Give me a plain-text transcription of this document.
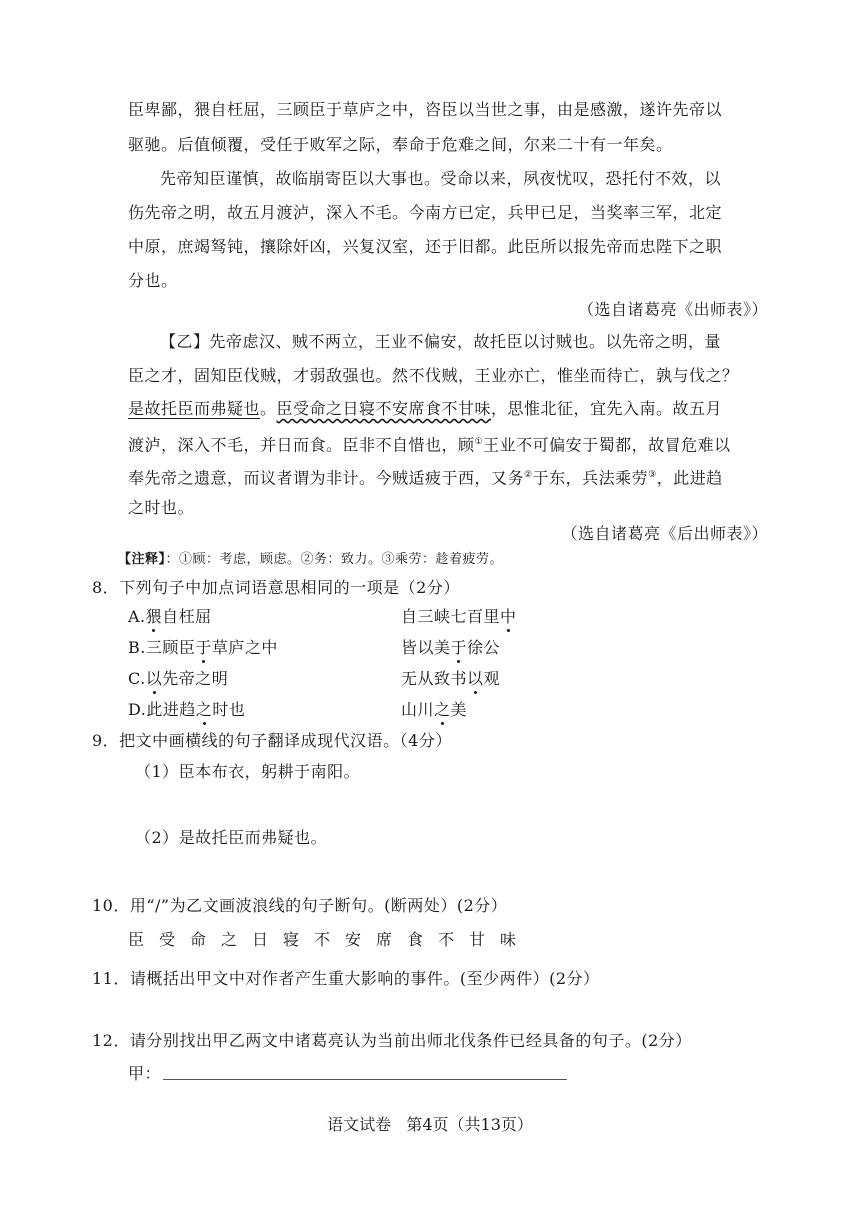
臣卑鄙，猥自枉屈，三顾臣于草庐之中，咨臣以当世之事，由是感激，遂许先帝以
驱驰。后值倾覆，受任于败军之际，奉命于危难之间，尔来二十有一年矣。
先帝知臣谨慎，故临崩寄臣以大事也。受命以来，夙夜忧叹，恐托付不效，以
伤先帝之明，故五月渡泸，深入不毛。今南方已定，兵甲已足，当奖率三军，北定
中原，庶竭驽钝，攘除奸凶，兴复汉室，还于旧都。此臣所以报先帝而忠陛下之职
分也。
（选自诸葛亮《出师表》）
【乙】先帝虑汉、贼不两立，王业不偏安，故托臣以讨贼也。以先帝之明，量
臣之才，固知臣伐贼，才弱敌强也。然不伐贼，王业亦亡，惟坐而待亡，孰与伐之？
是故托臣而弗疑也。臣受命之日寝不安席食不甘味，思惟北征，宜先入南。故五月
渡泸，深入不毛，并日而食。臣非不自惜也，顾①王业不可偏安于蜀都，故冒危难以
奉先帝之遗意，而议者谓为非计。今贼适疲于西，又务②于东，兵法乘劳③，此进趋
之时也。
（选自诸葛亮《后出师表》）
【注释】：①顾：考虑，顾虑。②务：致力。③乘劳：趁着疲劳。
8．下列句子中加点词语意思相同的一项是（2分）
A.猥自枉屈	自三峡七百里中
B.三顾臣于草庐之中	皆以美于徐公
C.以先帝之明	无从致书以观
D.此进趋之时也	山川之美
9．把文中画横线的句子翻译成现代汉语。（4分）
（1）臣本布衣，躬耕于南阳。
（2）是故托臣而弗疑也。
10．用“/”为乙文画波浪线的句子断句。(断两处）(2分）
臣受命之日寝不安席食不甘味
11．请概括出甲文中对作者产生重大影响的事件。(至少两件）(2分）
12．请分别找出甲乙两文中诸葛亮认为当前出师北伐条件已经具备的句子。(2分）
甲：
语文试卷   第4页（共13页）
